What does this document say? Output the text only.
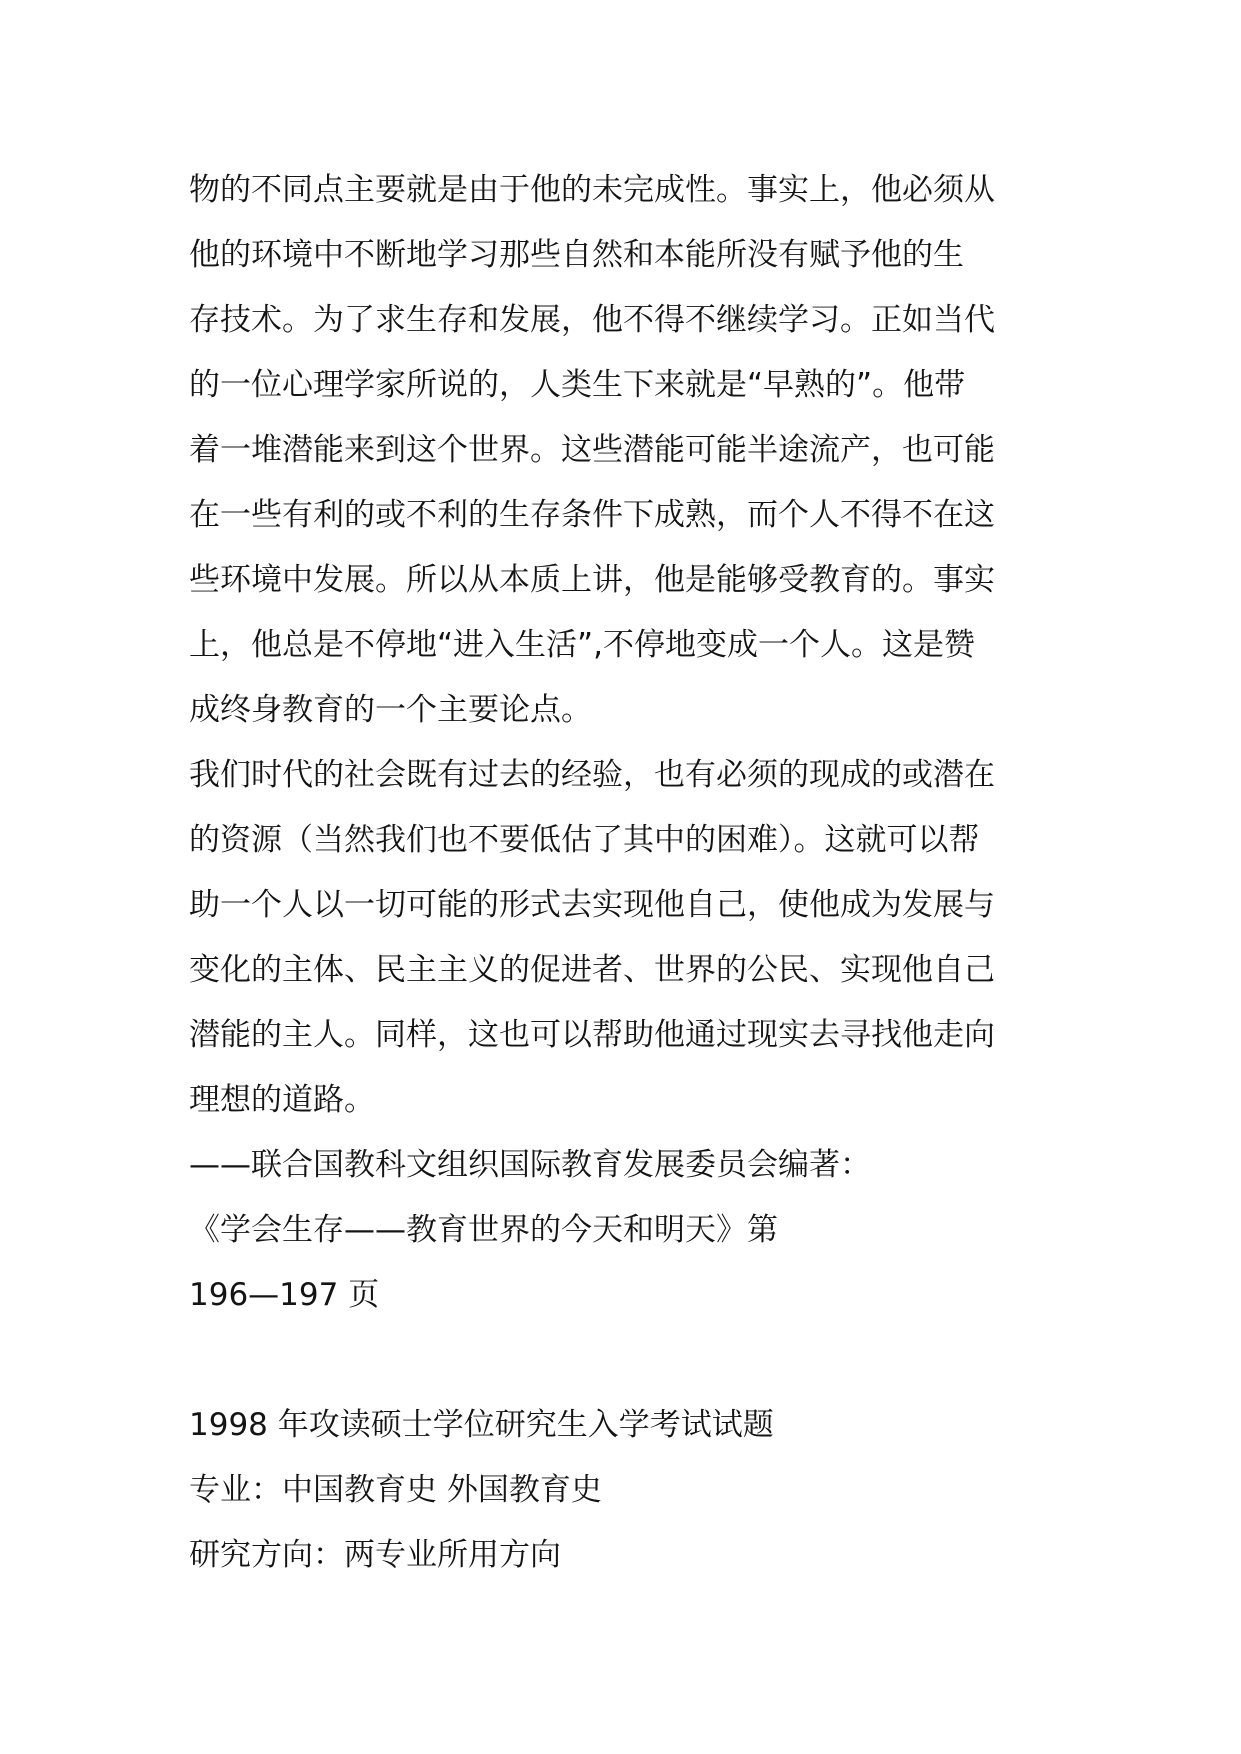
物的不同点主要就是由于他的未完成性。事实上，他必须从
他的环境中不断地学习那些自然和本能所没有赋予他的生
存技术。为了求生存和发展，他不得不继续学习。正如当代
的一位心理学家所说的，人类生下来就是“早熟的”。他带
着一堆潜能来到这个世界。这些潜能可能半途流产，也可能
在一些有利的或不利的生存条件下成熟，而个人不得不在这
些环境中发展。所以从本质上讲，他是能够受教育的。事实
上，他总是不停地“进入生活”,不停地变成一个人。这是赞
成终身教育的一个主要论点。
我们时代的社会既有过去的经验，也有必须的现成的或潜在
的资源（当然我们也不要低估了其中的困难）。这就可以帮
助一个人以一切可能的形式去实现他自己，使他成为发展与
变化的主体、民主主义的促进者、世界的公民、实现他自己
潜能的主人。同样，这也可以帮助他通过现实去寻找他走向
理想的道路。
——联合国教科文组织国际教育发展委员会编著：
《学会生存——教育世界的今天和明天》第
196—197 页
1998 年攻读硕士学位研究生入学考试试题
专业：中国教育史 外国教育史
研究方向：两专业所用方向
